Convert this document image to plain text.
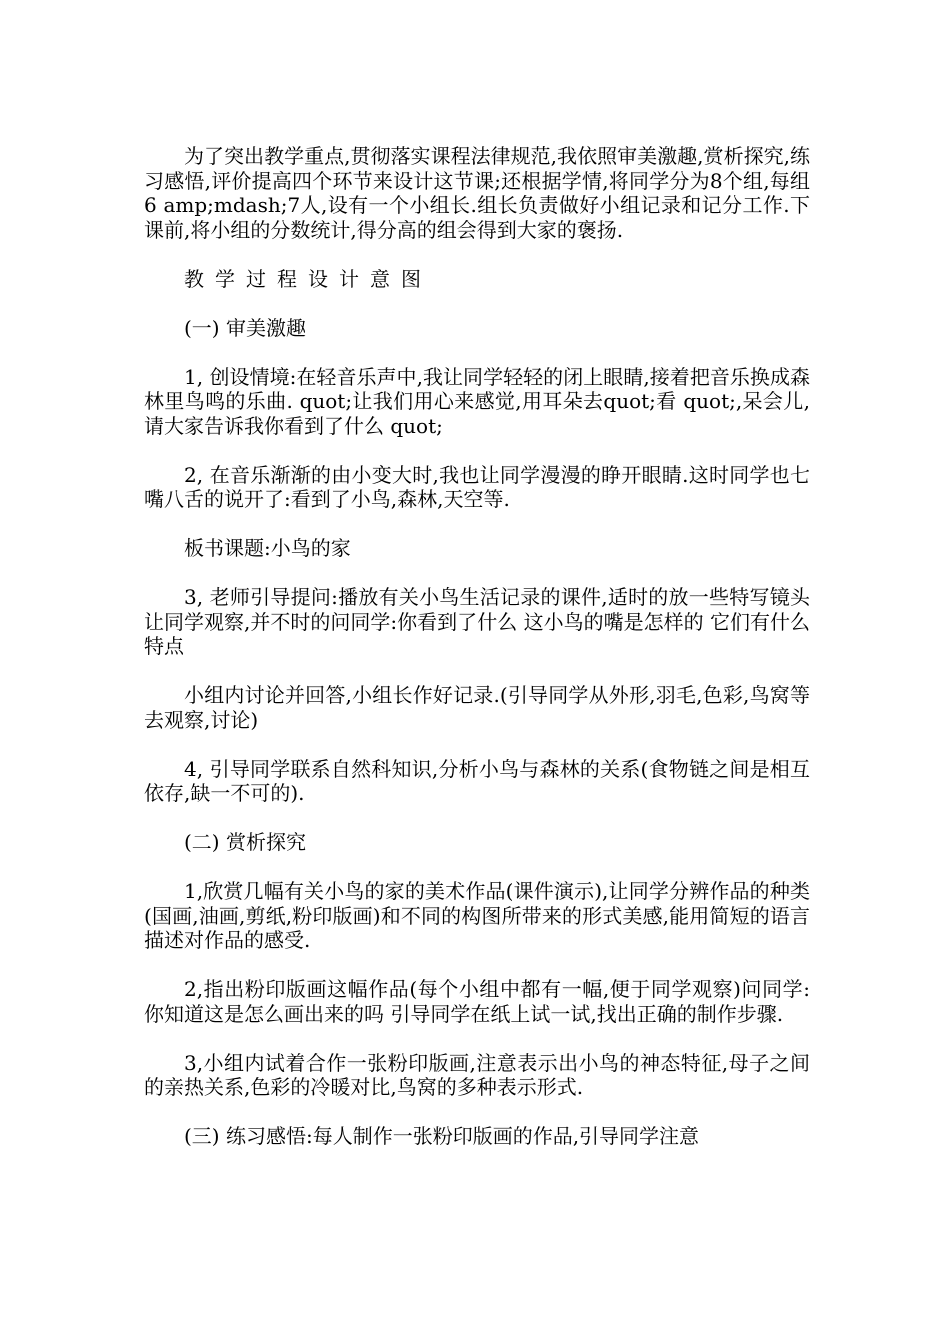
为了突出教学重点,贯彻落实课程法律规范,我依照审美激趣,赏析探究,练习感悟,评价提高四个环节来设计这节课;还根据学情,将同学分为8个组,每组6 amp;mdash;7人,设有一个小组长.组长负责做好小组记录和记分工作.下课前,将小组的分数统计,得分高的组会得到大家的褒扬.

教学过程设计意图

(一) 审美激趣

1, 创设情境:在轻音乐声中,我让同学轻轻的闭上眼睛,接着把音乐换成森林里鸟鸣的乐曲. quot;让我们用心来感觉,用耳朵去quot;看 quot;,呆会儿,请大家告诉我你看到了什么 quot;

2, 在音乐渐渐的由小变大时,我也让同学漫漫的睁开眼睛.这时同学也七嘴八舌的说开了:看到了小鸟,森林,天空等.

板书课题:小鸟的家

3, 老师引导提问:播放有关小鸟生活记录的课件,适时的放一些特写镜头让同学观察,并不时的问同学:你看到了什么 这小鸟的嘴是怎样的 它们有什么特点

小组内讨论并回答,小组长作好记录.(引导同学从外形,羽毛,色彩,鸟窝等去观察,讨论)

4, 引导同学联系自然科知识,分析小鸟与森林的关系(食物链之间是相互依存,缺一不可的).

(二) 赏析探究

1,欣赏几幅有关小鸟的家的美术作品(课件演示),让同学分辨作品的种类(国画,油画,剪纸,粉印版画)和不同的构图所带来的形式美感,能用简短的语言描述对作品的感受.

2,指出粉印版画这幅作品(每个小组中都有一幅,便于同学观察)问同学:你知道这是怎么画出来的吗 引导同学在纸上试一试,找出正确的制作步骤.

3,小组内试着合作一张粉印版画,注意表示出小鸟的神态特征,母子之间的亲热关系,色彩的冷暖对比,鸟窝的多种表示形式.

(三) 练习感悟:每人制作一张粉印版画的作品,引导同学注意
